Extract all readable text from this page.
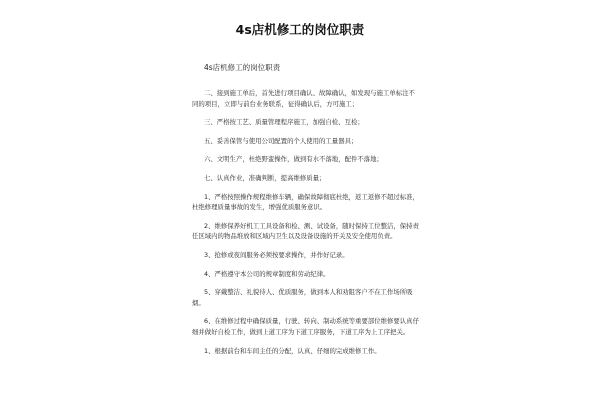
4s店机修工的岗位职责
4s店机修工的岗位职责

二、接到施工单后，首先进行项目确认、故障确认，如发现与施工单标注不同的项目，立即与前台业务联系，征得确认后，方可施工；

三、严格按工艺、质量管理程序施工，加强自检、互检；

五、妥善保管与使用公司配置的个人使用的工量器具；

六、文明生产，杜绝野蛮操作，做到有水不落地，配件不落地；

七、认真作业，准确判断，提高维修质量；

1、严格按照操作规程维修车辆，确保故障彻底杜绝，返工返修不超过标准，杜绝修理质量事故的发生，增强优质服务意识。

2、维修保养好机工工具设备和检、测、试设备，随时保持工位整洁，保持责任区域内的物品堆放和区域内卫生以及设备设施的开关及安全使用负责。

3、抢修或夜间服务必须按要求操作，并作好记录。

4、严格遵守本公司的规章制度和劳动纪律。

5、穿戴整洁、礼貌待人、优质服务，做到本人和劝阻客户不在工作场所吸烟。

6、在维修过程中确保质量，行驶、转向、制动系统等重要部位维修要认真仔细并做好自检工作，做到上道工序为下道工序服务，下道工序为上工序把关。

1、根据前台和车间主任的分配，认真、仔细的完成维修工作。
